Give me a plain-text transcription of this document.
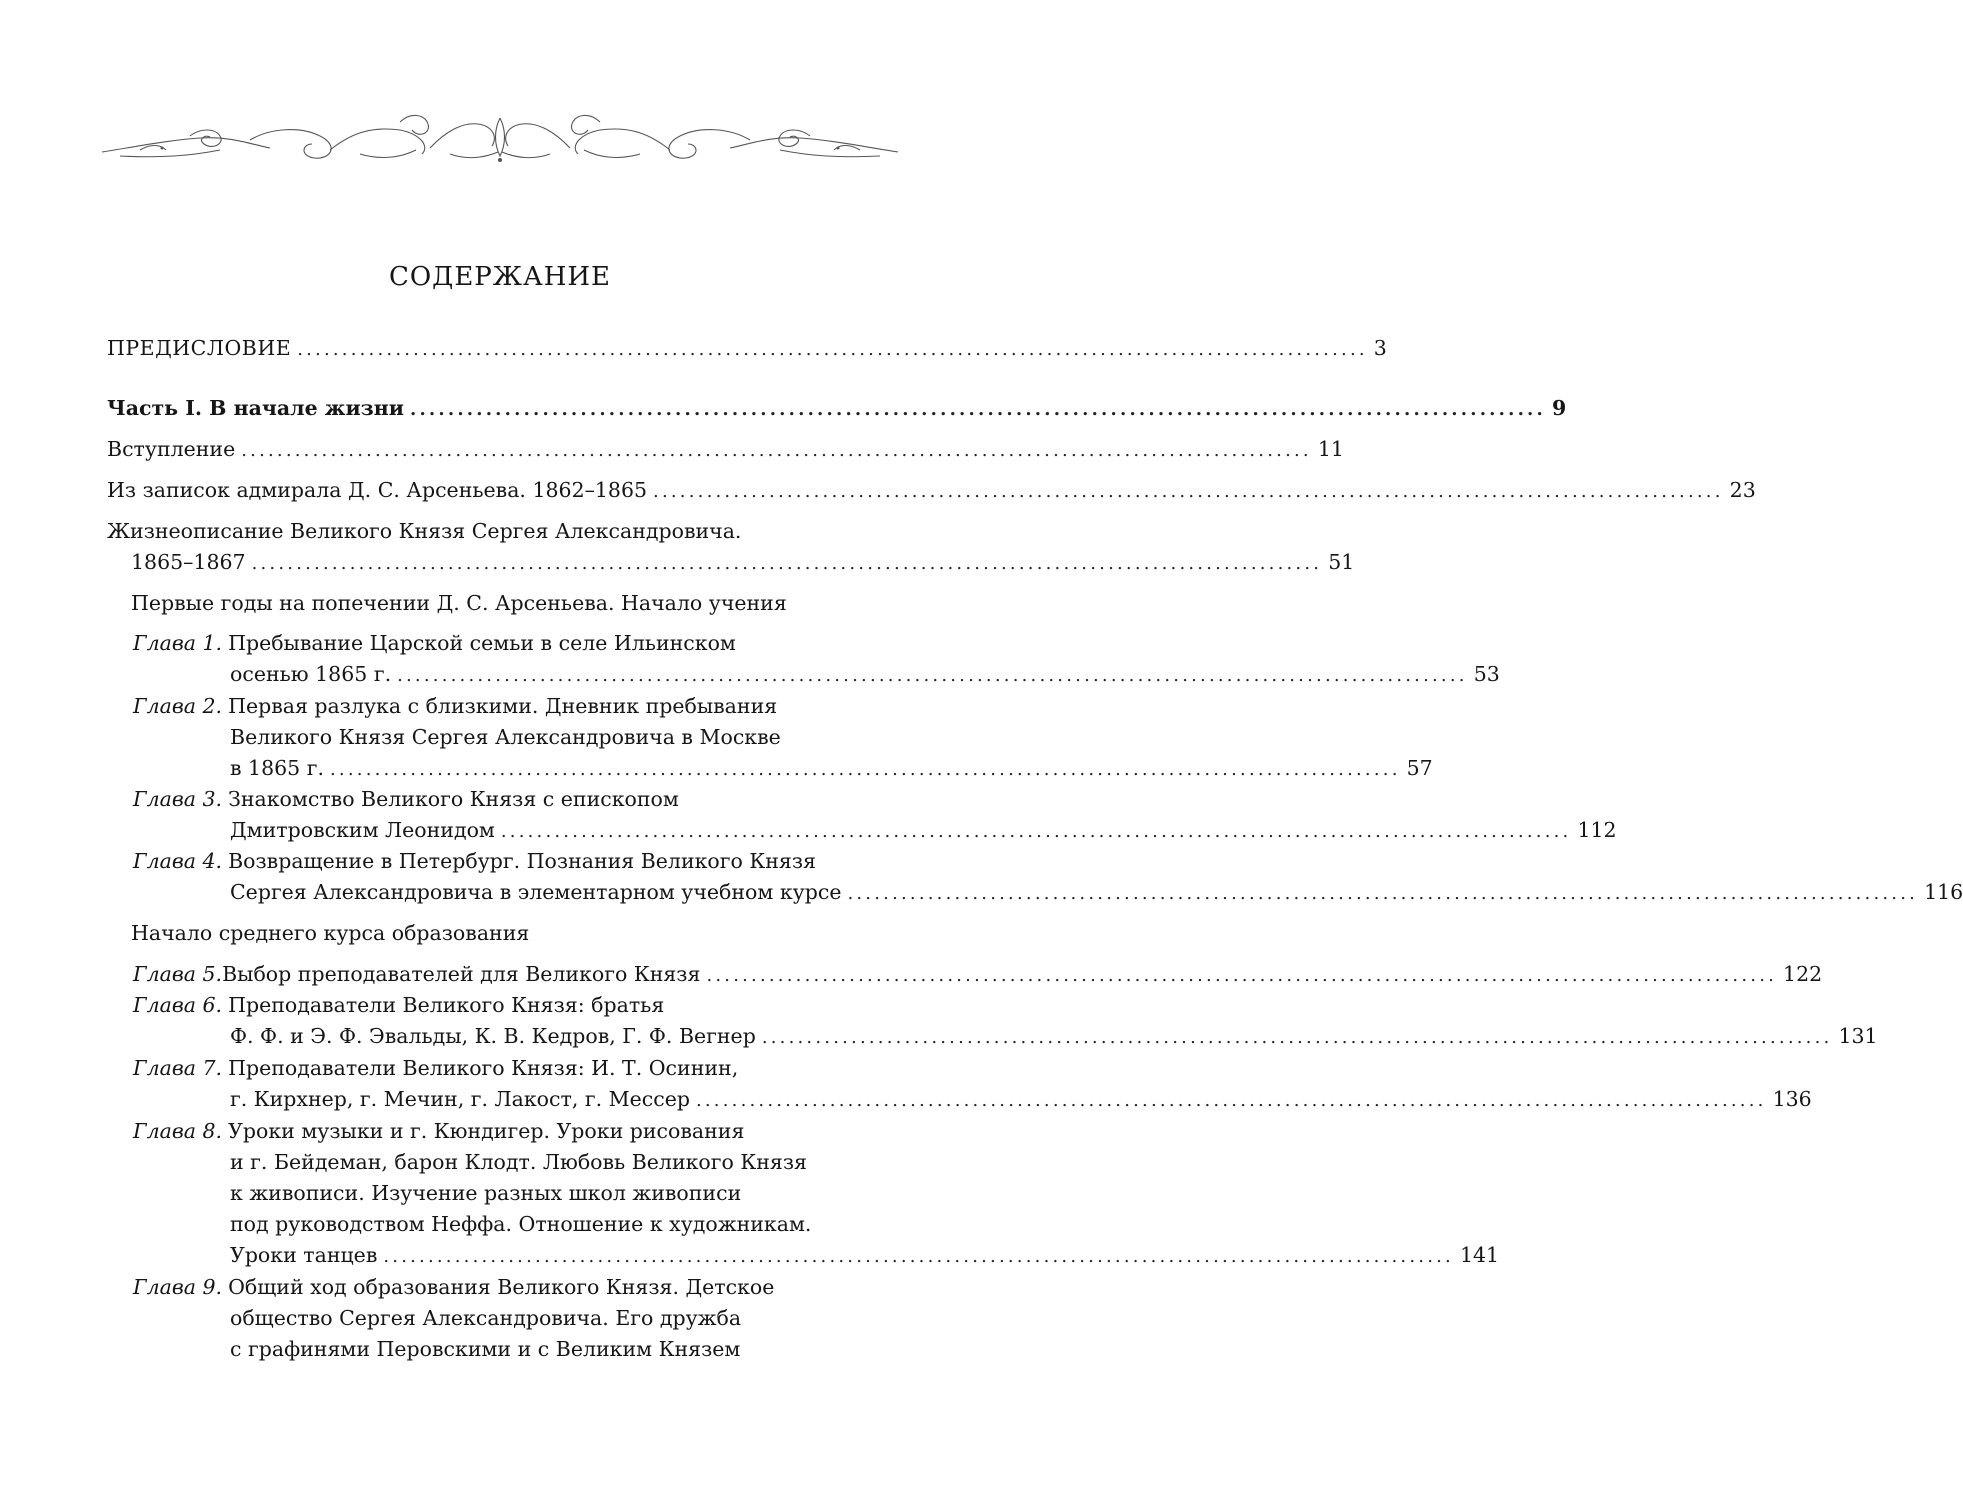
СОДЕРЖАНИЕ
ПРЕДИСЛОВИЕ ........................................................................................................................ 3
Часть I. В начале жизни ........................................................................................................................ 9
Вступление ........................................................................................................................ 11
Из записок адмирала Д. С. Арсеньева. 1862–1865 ........................................................................................................................ 23
Жизнеописание Великого Князя Сергея Александровича.
1865–1867 ........................................................................................................................ 51
Первые годы на попечении Д. С. Арсеньева. Начало учения
Глава 1. Пребывание Царской семьи в селе Ильинском
осенью 1865 г. ........................................................................................................................ 53
Глава 2. Первая разлука с близкими. Дневник пребывания
Великого Князя Сергея Александровича в Москве
в 1865 г. ........................................................................................................................ 57
Глава 3. Знакомство Великого Князя с епископом
Дмитровским Леонидом ........................................................................................................................ 112
Глава 4. Возвращение в Петербург. Познания Великого Князя
Сергея Александровича в элементарном учебном курсе ........................................................................................................................ 116
Начало среднего курса образования
Глава 5. Выбор преподавателей для Великого Князя ........................................................................................................................ 122
Глава 6. Преподаватели Великого Князя: братья
Ф. Ф. и Э. Ф. Эвальды, К. В. Кедров, Г. Ф. Вегнер ........................................................................................................................ 131
Глава 7. Преподаватели Великого Князя: И. Т. Осинин,
г. Кирхнер, г. Мечин, г. Лакост, г. Мессер ........................................................................................................................ 136
Глава 8. Уроки музыки и г. Кюндигер. Уроки рисования
и г. Бейдеман, барон Клодт. Любовь Великого Князя
к живописи. Изучение разных школ живописи
под руководством Неффа. Отношение к художникам.
Уроки танцев ........................................................................................................................ 141
Глава 9. Общий ход образования Великого Князя. Детское
общество Сергея Александровича. Его дружба
с графинями Перовскими и с Великим Князем
